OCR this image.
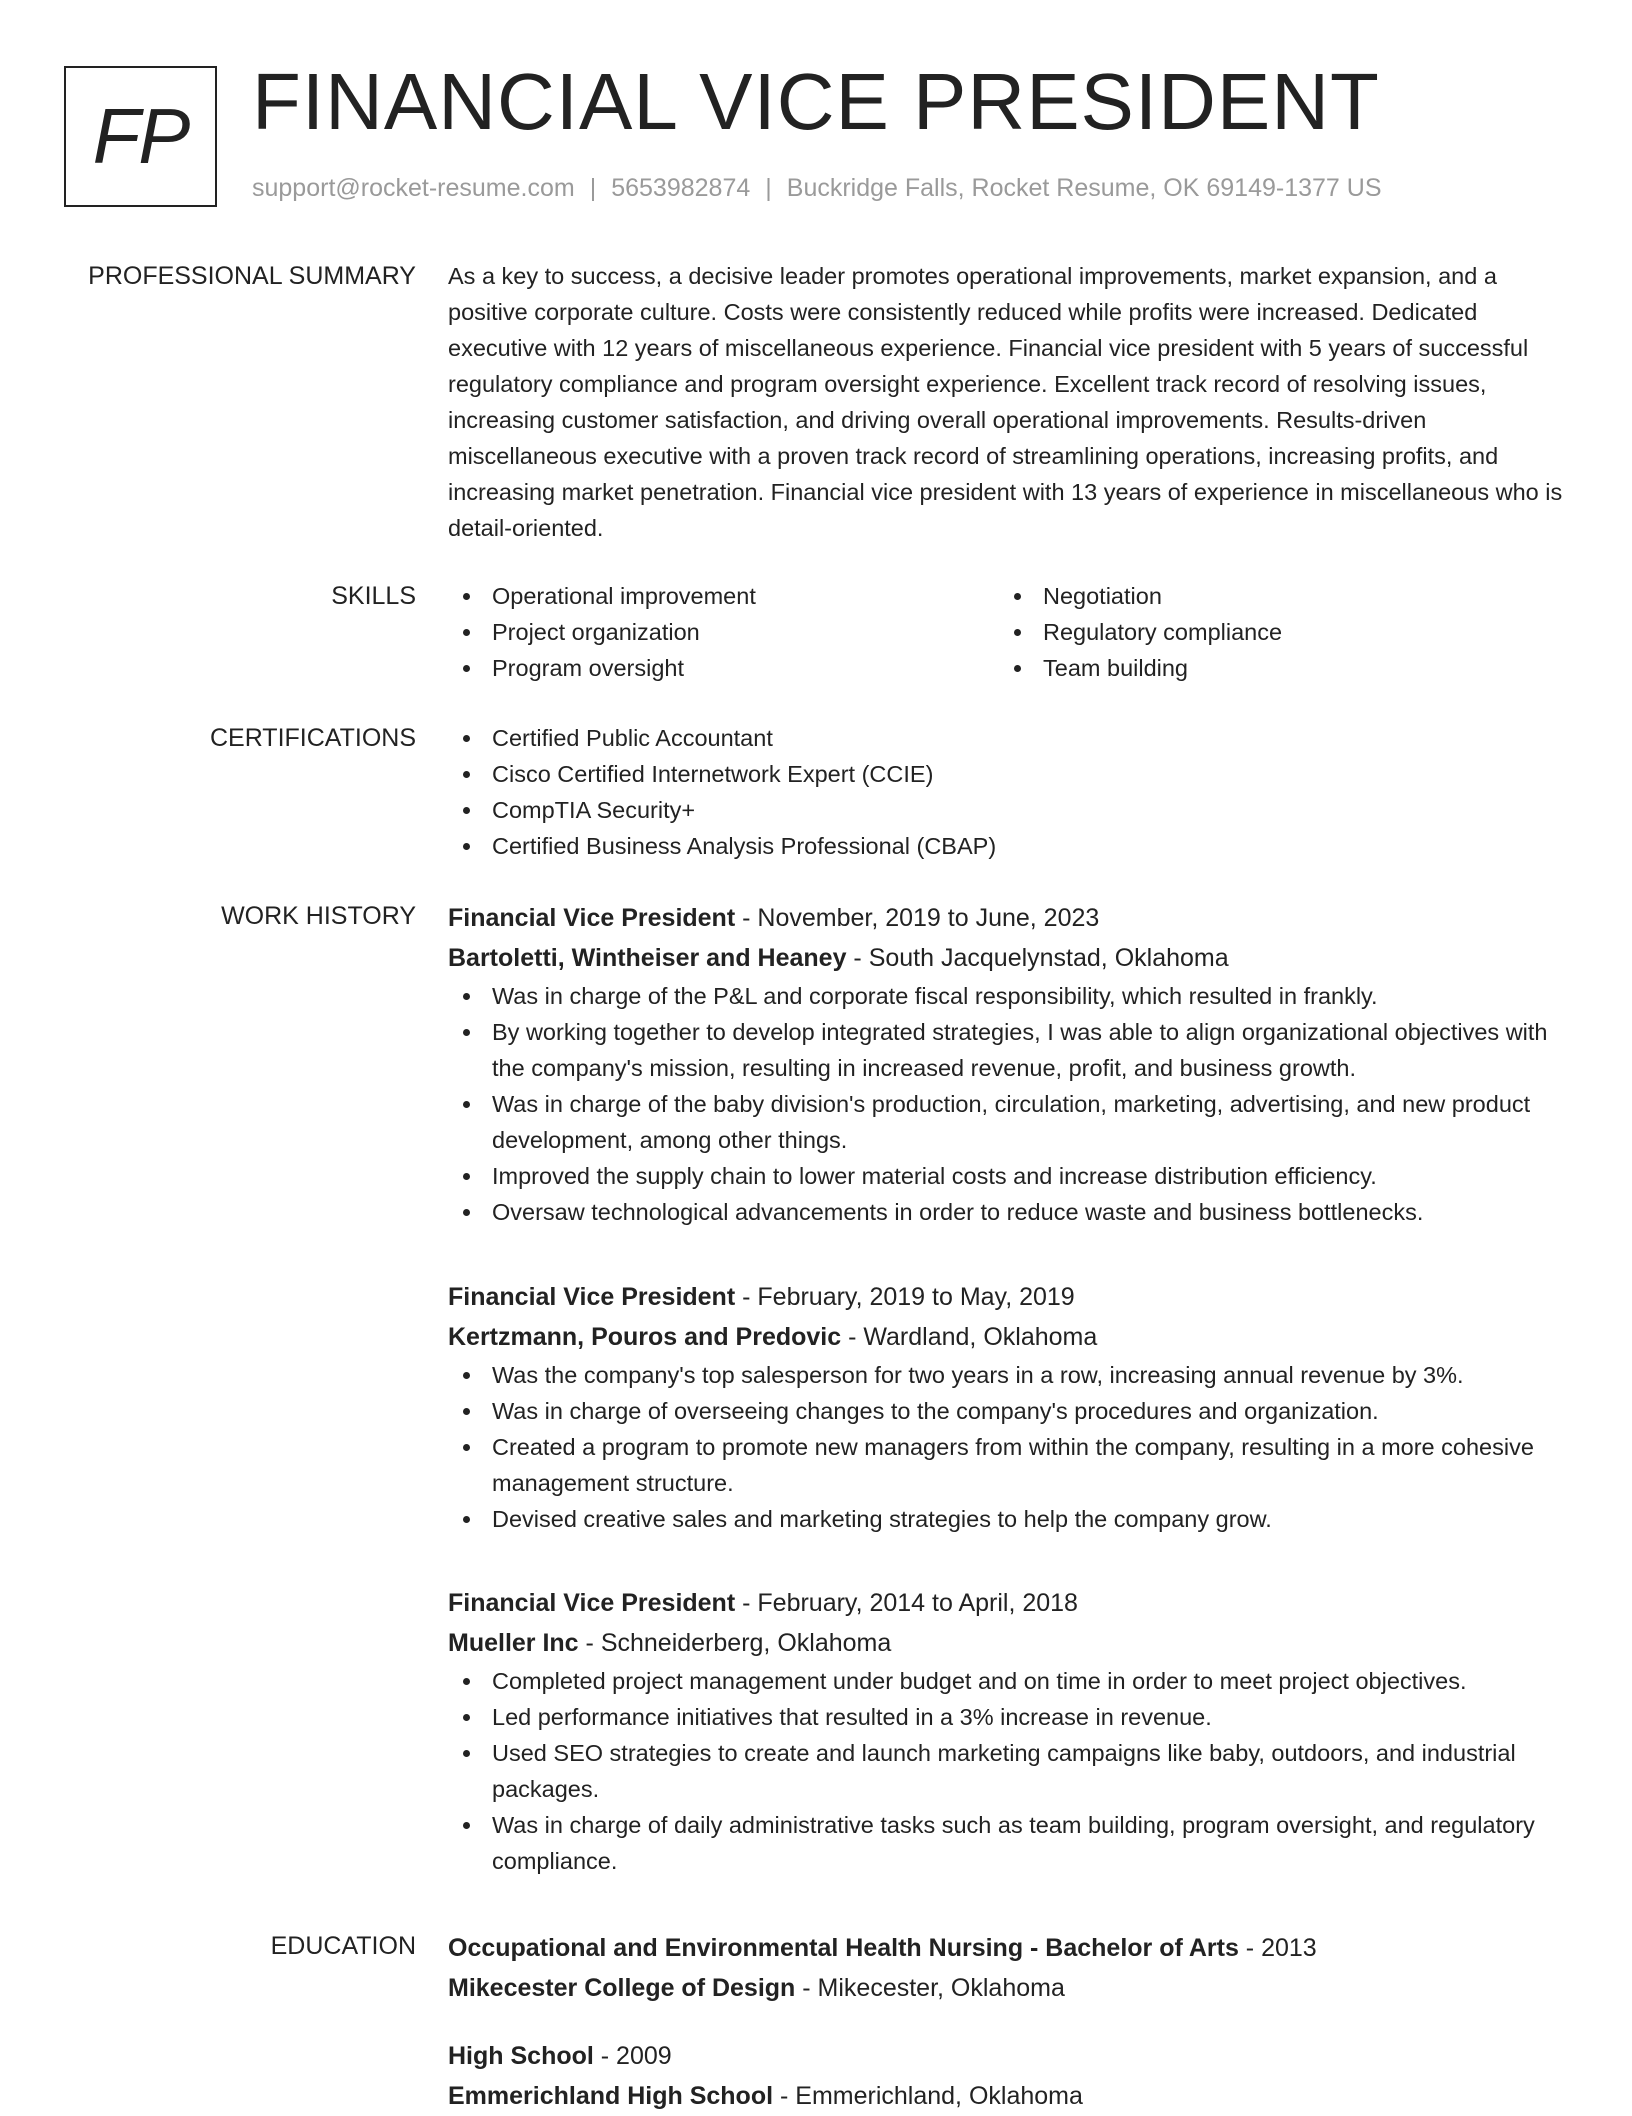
FP FINANCIAL VICE PRESIDENT
support@rocket-resume.com | 5653982874 | Buckridge Falls, Rocket Resume, OK 69149-1377 US
PROFESSIONAL SUMMARY As a key to success, a decisive leader promotes operational improvements, market expansion, and a positive corporate culture. Costs were consistently reduced while profits were increased. Dedicated executive with 12 years of miscellaneous experience. Financial vice president with 5 years of successful regulatory compliance and program oversight experience. Excellent track record of resolving issues, increasing customer satisfaction, and driving overall operational improvements. Results-driven miscellaneous executive with a proven track record of streamlining operations, increasing profits, and increasing market penetration. Financial vice president with 13 years of experience in miscellaneous who is detail-oriented.

SKILLS	Operational improvement
Project organization
Program oversight
Negotiation
Regulatory compliance
Team building
CERTIFICATIONS	Certified Public Accountant
Cisco Certified Internetwork Expert (CCIE)
CompTIA Security+
Certified Business Analysis Professional (CBAP)
WORK HISTORY Financial Vice President - November, 2019 to June, 2023
Bartoletti, Wintheiser and Heaney - South Jacquelynstad, Oklahoma
Was in charge of the P&L and corporate fiscal responsibility, which resulted in frankly.
By working together to develop integrated strategies, I was able to align organizational objectives with the company's mission, resulting in increased revenue, profit, and business growth.
Was in charge of the baby division's production, circulation, marketing, advertising, and new product development, among other things.
Improved the supply chain to lower material costs and increase distribution efficiency.
Oversaw technological advancements in order to reduce waste and business bottlenecks.
Financial Vice President - February, 2019 to May, 2019
Kertzmann, Pouros and Predovic - Wardland, Oklahoma
Was the company's top salesperson for two years in a row, increasing annual revenue by 3%.
Was in charge of overseeing changes to the company's procedures and organization.
Created a program to promote new managers from within the company, resulting in a more cohesive management structure.
Devised creative sales and marketing strategies to help the company grow.
Financial Vice President - February, 2014 to April, 2018
Mueller Inc - Schneiderberg, Oklahoma
Completed project management under budget and on time in order to meet project objectives.
Led performance initiatives that resulted in a 3% increase in revenue.
Used SEO strategies to create and launch marketing campaigns like baby, outdoors, and industrial packages.
Was in charge of daily administrative tasks such as team building, program oversight, and regulatory compliance.
EDUCATION Occupational and Environmental Health Nursing - Bachelor of Arts - 2013
Mikecester College of Design - Mikecester, Oklahoma
High School - 2009
Emmerichland High School - Emmerichland, Oklahoma
